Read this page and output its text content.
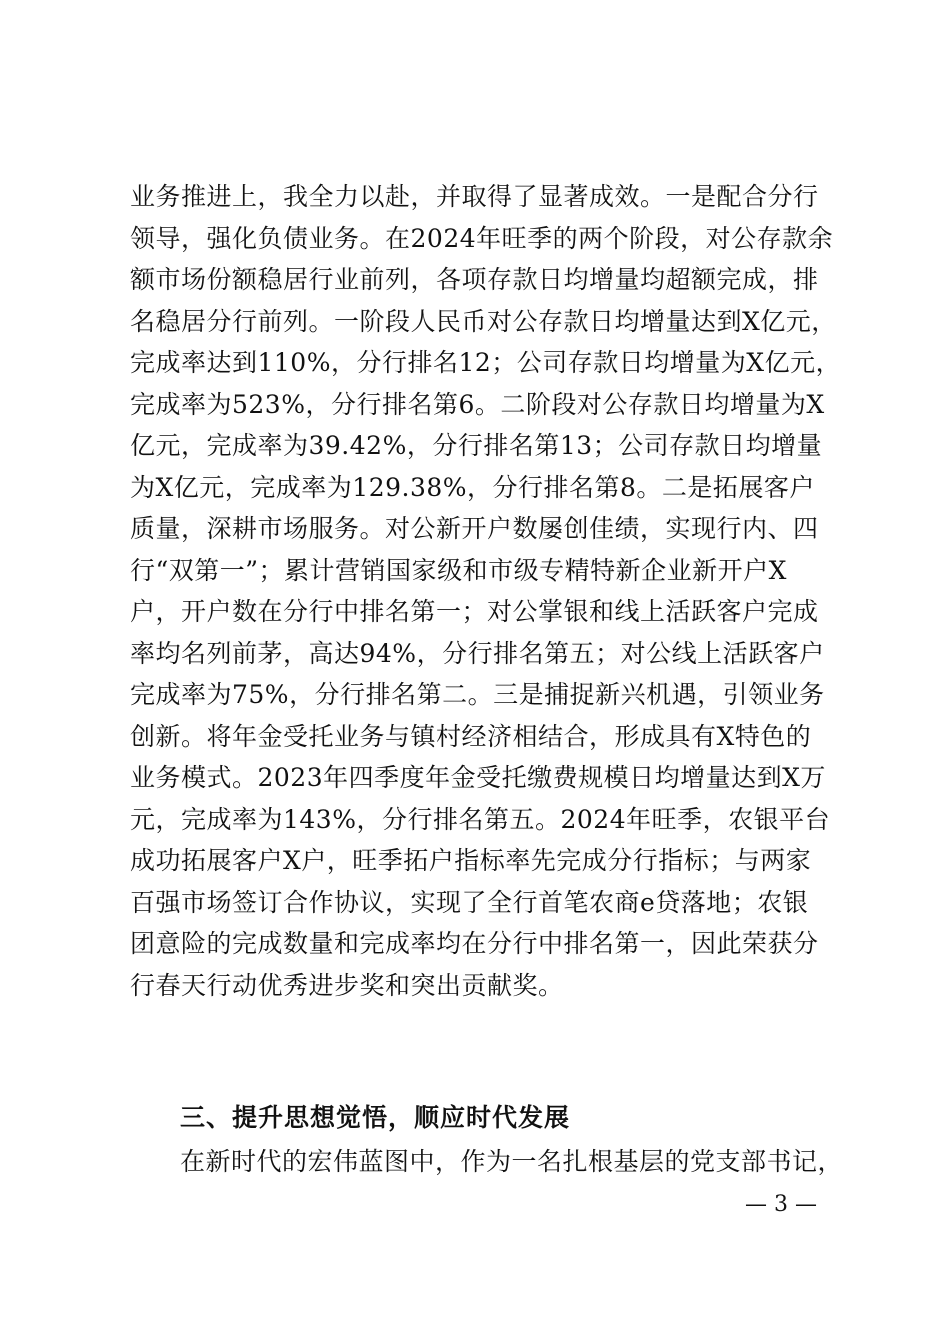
业务推进上，我全力以赴，并取得了显著成效。一是配合分行
领导，强化负债业务。在2024年旺季的两个阶段，对公存款余
额市场份额稳居行业前列，各项存款日均增量均超额完成，排
名稳居分行前列。一阶段人民币对公存款日均增量达到X亿元，
完成率达到110%，分行排名12；公司存款日均增量为X亿元，
完成率为523%，分行排名第6。二阶段对公存款日均增量为X
亿元，完成率为39.42%，分行排名第13；公司存款日均增量
为X亿元，完成率为129.38%，分行排名第8。二是拓展客户
质量，深耕市场服务。对公新开户数屡创佳绩，实现行内、四
行“双第一”；累计营销国家级和市级专精特新企业新开户X
户，开户数在分行中排名第一；对公掌银和线上活跃客户完成
率均名列前茅，高达94%，分行排名第五；对公线上活跃客户
完成率为75%，分行排名第二。三是捕捉新兴机遇，引领业务
创新。将年金受托业务与镇村经济相结合，形成具有X特色的
业务模式。2023年四季度年金受托缴费规模日均增量达到X万
元，完成率为143%，分行排名第五。2024年旺季，农银平台
成功拓展客户X户，旺季拓户指标率先完成分行指标；与两家
百强市场签订合作协议，实现了全行首笔农商e贷落地；农银
团意险的完成数量和完成率均在分行中排名第一，因此荣获分
行春天行动优秀进步奖和突出贡献奖。
三、提升思想觉悟，顺应时代发展
在新时代的宏伟蓝图中，作为一名扎根基层的党支部书记，
— 3 —
